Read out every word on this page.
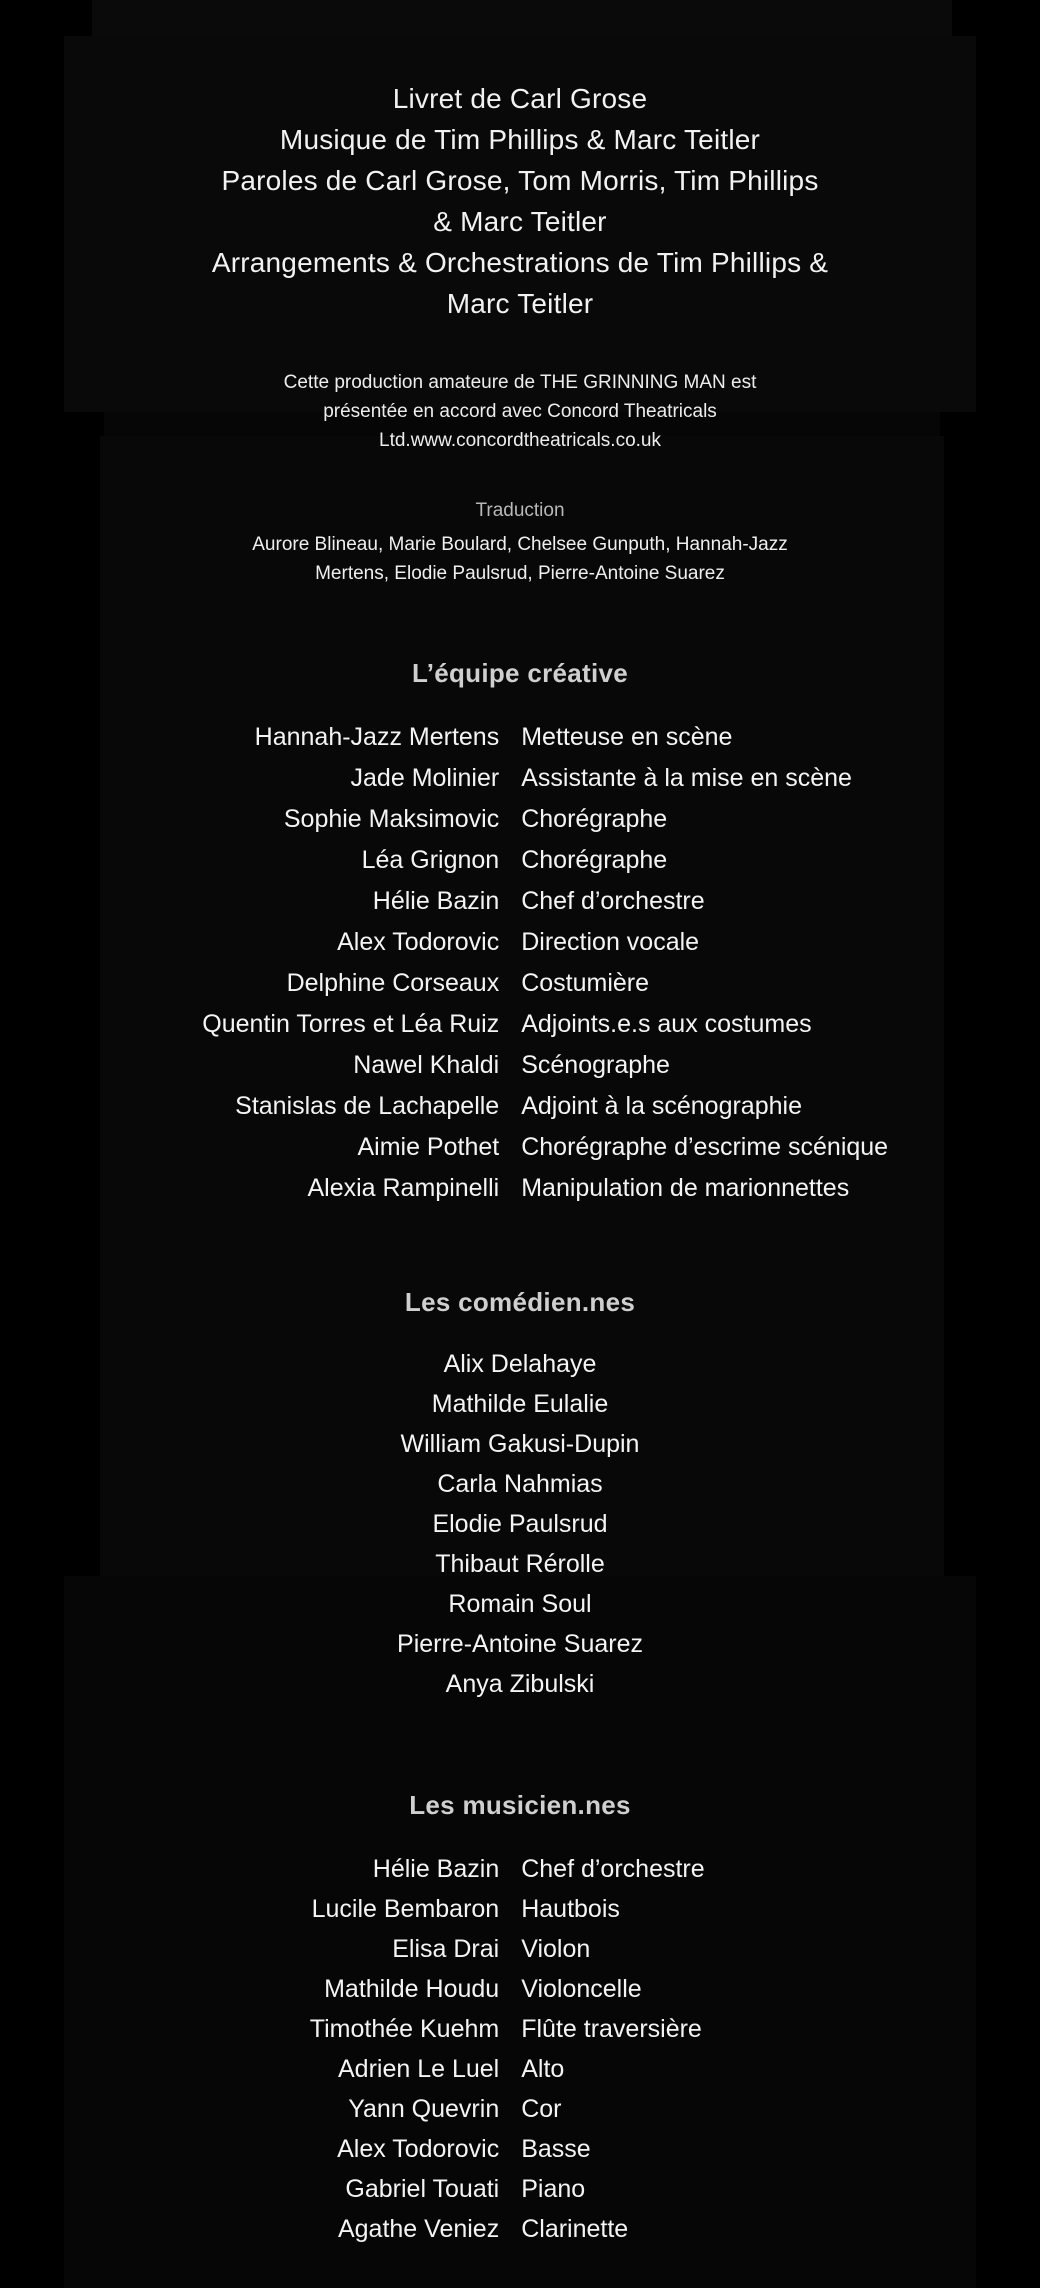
Livret de Carl Grose
Musique de Tim Phillips & Marc Teitler
Paroles de Carl Grose, Tom Morris, Tim Phillips
& Marc Teitler
Arrangements & Orchestrations de Tim Phillips &
Marc Teitler
Cette production amateure de THE GRINNING MAN est
présentée en accord avec Concord Theatricals
Ltd.www.concordtheatricals.co.uk
Traduction
Aurore Blineau, Marie Boulard, Chelsee Gunputh, Hannah-Jazz
Mertens, Elodie Paulsrud, Pierre-Antoine Suarez
L’équipe créative
Hannah-Jazz Mertens Metteuse en scène
Jade Molinier Assistante à la mise en scène
Sophie Maksimovic Chorégraphe
Léa Grignon Chorégraphe
Hélie Bazin Chef d’orchestre
Alex Todorovic Direction vocale
Delphine Corseaux Costumière
Quentin Torres et Léa Ruiz Adjoints.e.s aux costumes
Nawel Khaldi Scénographe
Stanislas de Lachapelle Adjoint à la scénographie
Aimie Pothet Chorégraphe d’escrime scénique
Alexia Rampinelli Manipulation de marionnettes
Les comédien.nes
Alix Delahaye
Mathilde Eulalie
William Gakusi-Dupin
Carla Nahmias
Elodie Paulsrud
Thibaut Rérolle
Romain Soul
Pierre-Antoine Suarez
Anya Zibulski
Les musicien.nes
Hélie Bazin Chef d’orchestre
Lucile Bembaron Hautbois
Elisa Drai Violon
Mathilde Houdu Violoncelle
Timothée Kuehm Flûte traversière
Adrien Le Luel Alto
Yann Quevrin Cor
Alex Todorovic Basse
Gabriel Touati Piano
Agathe Veniez Clarinette
